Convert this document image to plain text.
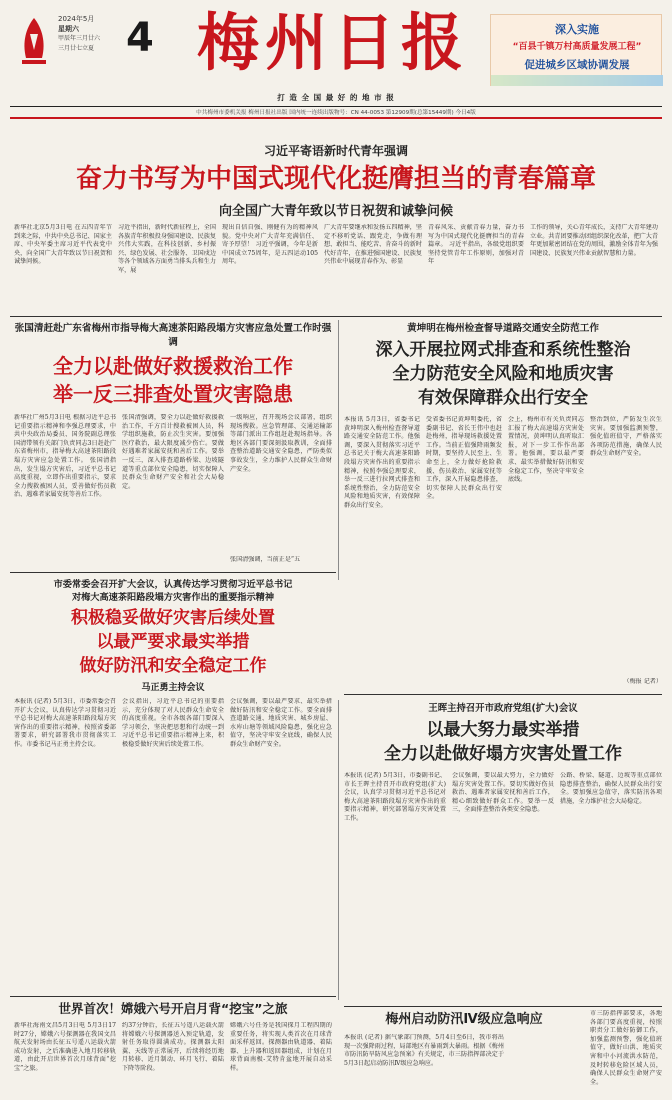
2024年5月
星期六
甲辰年三月廿六
三月廿七立夏 4 梅州日报	深入实施
“百县千镇万村高质量发展工程”
促进城乡区域协调发展
打 造 全 国 最 好 的 地 市 报
中共梅州市委机关报 梅州日报社出版 国内统一连续出版物号：CN 44-0053 第12909期(总第15449期) 今日4版
习近平寄语新时代青年强调
奋力书写为中国式现代化挺膺担当的青春篇章
向全国广大青年致以节日祝贺和诚挚问候
新华社北京5月3日电 在五四青年节到来之际，中共中央总书记、国家主席、中央军委主席习近平代表党中央，向全国广大青年致以节日祝贺和诚挚问候。
习近平指出，新时代新征程上，全国各族青年积极投身强国建设、民族复兴伟大实践，在科技创新、乡村振兴、绿色发展、社会服务、卫国戍边等各个领域各方面勇当排头兵和生力军，展
现出自信自强、刚健有为的精神风貌。党中央对广大青年充满信任、寄予厚望！ 习近平强调，今年是新中国成立75周年，是五四运动105周年。
广大青年要继承和发扬五四精神，坚定不移听党话、跟党走，争做有理想、敢担当、能吃苦、肯奋斗的新时代好青年，在推进强国建设、民族复兴伟业中展现青春作为、彰显
青春风采、贡献青春力量，奋力书写为中国式现代化挺膺担当的青春篇章。 习近平指出，各级党组织要坚持党管青年工作原则，加强对青年
工作的领导，关心青年成长，支持广大青年建功立业。共青团要推动团组织深化改革，把广大青年更加紧密团结在党的周围，激励全体青年为强国建设、民族复兴伟业贡献智慧和力量。
张国清赶赴广东省梅州市指导梅大高速茶阳路段塌方灾害应急处置工作时强调
全力以赴做好救援救治工作
举一反三排查处置灾害隐患
新华社广州5月3日电 根据习近平总书记重要指示精神和李强总理要求，中共中央政治局委员、国务院副总理张国清带领有关部门负责同志3日赶赴广东省梅州市，指导梅大高速茶阳路段塌方灾害应急处置工作。 张国清指出，发生塌方灾害后，习近平总书记高度重视，立即作出重要指示，要求全力搜救被困人员，妥善做好伤员救治、遇难者家属安抚等善后工作。
张国清强调，要全力以赴做好救援救治工作，千方百计搜救被困人员，科学组织施救，防止次生灾害。要加强医疗救治，最大限度减少伤亡。要做好遇难者家属安抚和善后工作。要举一反三，深入排查道路桥梁、边坡隧道等重点部位安全隐患，切实保障人民群众生命财产安全和社会大局稳定。
一级响应，召开现场会议部署，组织现场搜救。应急管理部、交通运输部等部门派出工作组赶赴现场指导。各地区各部门要深刻汲取教训，全面排查整治道路交通安全隐患，严防类似事故发生，全力维护人民群众生命财产安全。
张国清强调，当前正是“五
黄坤明在梅州检查督导道路交通安全防范工作
深入开展拉网式排查和系统性整治
全力防范安全风险和地质灾害
有效保障群众出行安全
本报讯 5月3日，省委书记黄坤明深入梅州检查督导道路交通安全防范工作。他强调，要深入贯彻落实习近平总书记关于梅大高速茶阳路段塌方灾害作出的重要指示精神，按照李强总理要求，举一反三进行拉网式排查和系统性整治，全力防范安全风险和地质灾害，有效保障群众出行安全。
受省委书记黄坤明委托，省委副书记、省长王伟中也赶赴梅州，指导现场救援处置工作。当前正值强降雨频发时期，要坚持人民至上、生命至上，全力做好抢险救援、伤员救治、家属安抚等工作，深入开展隐患排查，切实保障人民群众出行安全。
会上，梅州市有关负责同志汇报了梅大高速塌方灾害处置情况，黄坤明认真听取汇报，对下一步工作作出部署。他强调，要以最严要求、最实举措做好防汛和安全稳定工作，坚决守牢安全底线。
整治到位，严防发生次生灾害。要加强监测预警，强化值班值守，严格落实各项防范措施，确保人民群众生命财产安全。
（梅报 记者）
市委常委会召开扩大会议，认真传达学习贯彻习近平总书记
对梅大高速茶阳路段塌方灾害作出的重要指示精神
积极稳妥做好灾害后续处置
以最严要求最实举措
做好防汛和安全稳定工作
马正勇主持会议
本报讯 (记者) 5月3日，市委常委会召开扩大会议，认真传达学习贯彻习近平总书记对梅大高速茶阳路段塌方灾害作出的重要指示精神，按照省委部署要求，研究部署我市贯彻落实工作。市委书记马正勇主持会议。
会议指出，习近平总书记的重要指示，充分体现了对人民群众生命安全的高度重视。全市各级各部门要深入学习领会，坚决把思想和行动统一到习近平总书记重要指示精神上来，积极稳妥做好灾害后续处置工作。
会议强调，要以最严要求、最实举措做好防汛和安全稳定工作。要全面排查道路交通、地质灾害、城乡房屋、水库山塘等领域风险隐患，强化应急值守，坚决守牢安全底线，确保人民群众生命财产安全。
王晖主持召开市政府党组(扩大)会议
以最大努力最实举措
全力以赴做好塌方灾害处置工作
本报讯 (记者) 5月3日，市委副书记、市长王晖主持召开市政府党组(扩大)会议，认真学习贯彻习近平总书记对梅大高速茶阳路段塌方灾害作出的重要指示精神，研究部署塌方灾害处置工作。
会议强调，要以最大努力，全力做好塌方灾害处置工作。要切实做好伤员救治、遇难者家属安抚和善后工作，精心细致做好群众工作。要举一反三，全面排查整治各类安全隐患。
公路、桥梁、隧道、边坡等重点部位隐患排查整治，确保人民群众出行安全。要加强应急值守，落实防汛各项措施，全力维护社会大局稳定。
世界首次！嫦娥六号开启月背“挖宝”之旅
新华社海南文昌5月3日电 5月3日17时27分，嫦娥六号探测器在我国文昌航天发射场由长征五号遥八运载火箭成功发射，之后准确进入地月转移轨道，由此开启世界首次月球背面“挖宝”之旅。
约37分钟后，长征五号遥八运载火箭将嫦娥六号探测器送入预定轨道，发射任务取得圆满成功。探测器太阳翼、天线等正常展开，后续将经历地月转移、近月制动、环月飞行、着陆下降等阶段。
嫦娥六号任务是我国探月工程四期的重要任务，将实现人类首次在月球背面采样返回。探测器由轨道器、着陆器、上升器和返回器组成，计划在月球背面南极-艾特肯盆地开展自动采样。
梅州启动防汛Ⅳ级应急响应
本报讯 (记者) 据气象部门预测，5月4日至6日，我市将出现一次强降雨过程，局部地区有暴雨到大暴雨。根据《梅州市防汛防旱防风应急预案》有关规定，市三防指挥部决定于5月3日起启动防汛Ⅳ级应急响应。
市三防指挥部要求，各地各部门要高度重视，按照职责分工做好防御工作，加强监测预警，强化值班值守，做好山洪、地质灾害和中小河流洪水防范，及时转移危险区域人员，确保人民群众生命财产安全。
